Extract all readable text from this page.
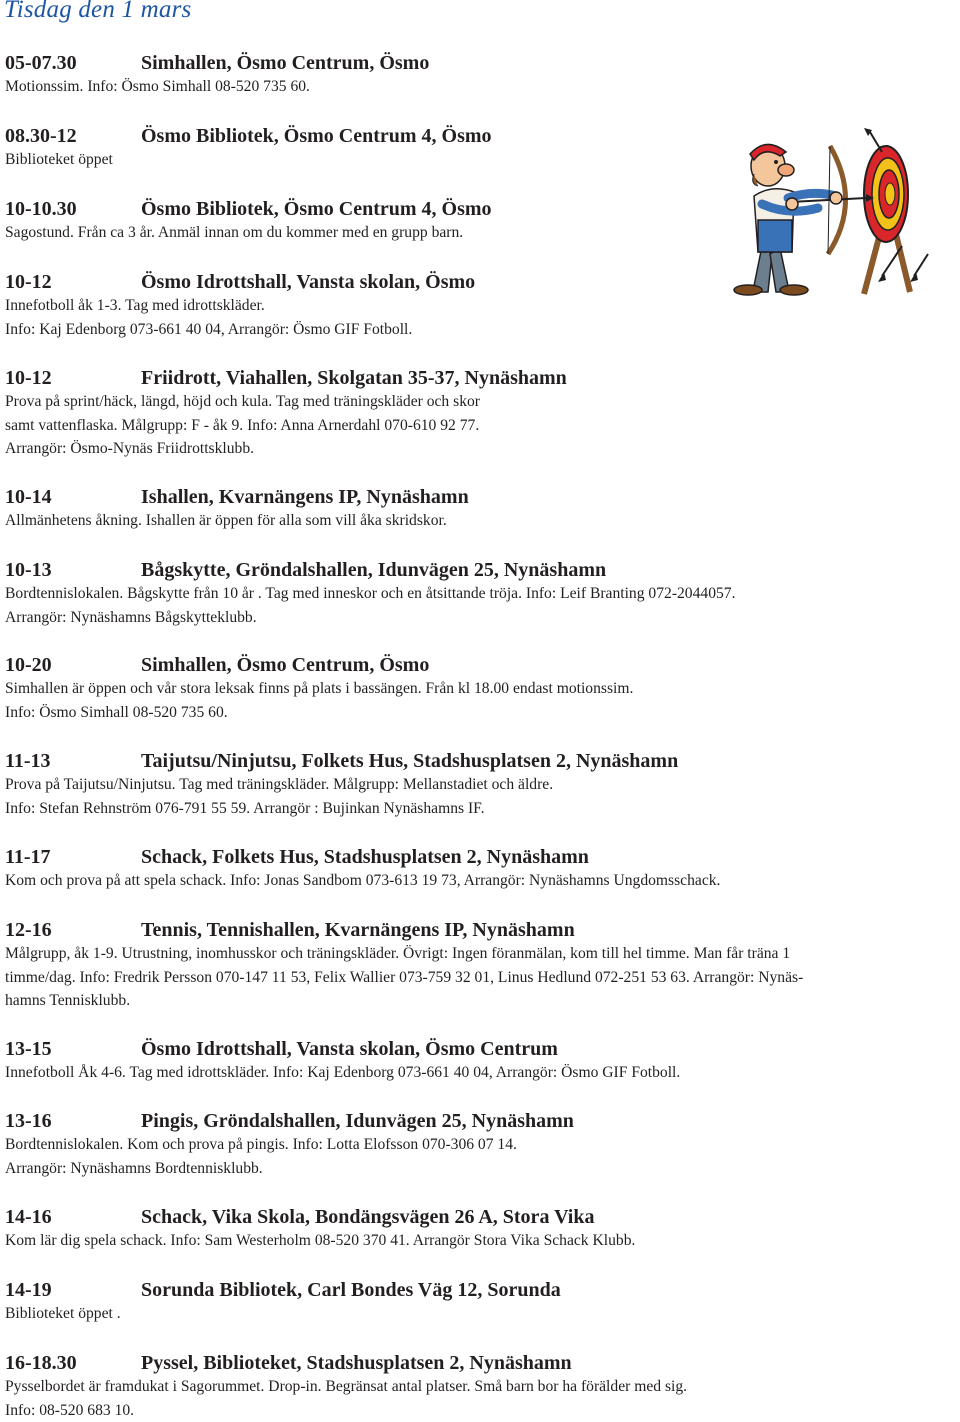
Tisdag den 1 mars
05-07.30	Simhallen, Ösmo Centrum, Ösmo
Motionssim. Info: Ösmo Simhall 08-520 735 60.
08.30-12	Ösmo Bibliotek, Ösmo Centrum 4, Ösmo
Biblioteket öppet
10-10.30	Ösmo Bibliotek, Ösmo Centrum 4, Ösmo
Sagostund. Från ca 3 år. Anmäl innan om du kommer med en grupp barn.
10-12	Ösmo Idrottshall, Vansta skolan, Ösmo
Innefotboll åk 1-3. Tag med idrottskläder.
Info: Kaj Edenborg 073-661 40 04, Arrangör: Ösmo GIF Fotboll.
10-12	Friidrott, Viahallen, Skolgatan 35-37, Nynäshamn
Prova på sprint/häck, längd, höjd och kula. Tag med träningskläder och skor
samt vattenflaska. Målgrupp: F - åk 9. Info: Anna Arnerdahl 070-610 92 77.
Arrangör: Ösmo-Nynäs Friidrottsklubb.
10-14	Ishallen, Kvarnängens IP, Nynäshamn
Allmänhetens åkning. Ishallen är öppen för alla som vill åka skridskor.
10-13	Bågskytte, Gröndalshallen, Idunvägen 25, Nynäshamn
Bordtennislokalen. Bågskytte från 10 år . Tag med inneskor och en åtsittande tröja. Info: Leif Branting 072-2044057.
Arrangör: Nynäshamns Bågskytteklubb.
10-20	Simhallen, Ösmo Centrum, Ösmo
Simhallen är öppen och vår stora leksak finns på plats i bassängen. Från kl 18.00 endast motionssim.
Info: Ösmo Simhall 08-520 735 60.
11-13	Taijutsu/Ninjutsu, Folkets Hus, Stadshusplatsen 2, Nynäshamn
Prova på Taijutsu/Ninjutsu. Tag med träningskläder. Målgrupp: Mellanstadiet och äldre.
Info: Stefan Rehnström 076-791 55 59. Arrangör : Bujinkan Nynäshamns IF.
11-17	Schack, Folkets Hus, Stadshusplatsen 2, Nynäshamn
Kom och prova på att spela schack. Info: Jonas Sandbom 073-613 19 73, Arrangör: Nynäshamns Ungdomsschack.
12-16	Tennis, Tennishallen, Kvarnängens IP, Nynäshamn
Målgrupp, åk 1-9. Utrustning, inomhusskor och träningskläder. Övrigt: Ingen föranmälan, kom till hel timme. Man får träna 1
timme/dag. Info: Fredrik Persson 070-147 11 53, Felix Wallier 073-759 32 01, Linus Hedlund 072-251 53 63. Arrangör: Nynäs-
hamns Tennisklubb.
13-15	Ösmo Idrottshall, Vansta skolan, Ösmo Centrum
Innefotboll Åk 4-6. Tag med idrottskläder. Info: Kaj Edenborg 073-661 40 04, Arrangör: Ösmo GIF Fotboll.
13-16	Pingis, Gröndalshallen, Idunvägen 25, Nynäshamn
Bordtennislokalen. Kom och prova på pingis. Info: Lotta Elofsson 070-306 07 14.
Arrangör: Nynäshamns Bordtennisklubb.
14-16	Schack, Vika Skola, Bondängsvägen 26 A, Stora Vika
Kom lär dig spela schack. Info: Sam Westerholm 08-520 370 41. Arrangör Stora Vika Schack Klubb.
14-19	Sorunda Bibliotek, Carl Bondes Väg 12, Sorunda
Biblioteket öppet .
16-18.30	Pyssel, Biblioteket, Stadshusplatsen 2, Nynäshamn
Pysselbordet är framdukat i Sagorummet. Drop-in. Begränsat antal platser. Små barn bor ha förälder med sig.
Info: 08-520 683 10.
